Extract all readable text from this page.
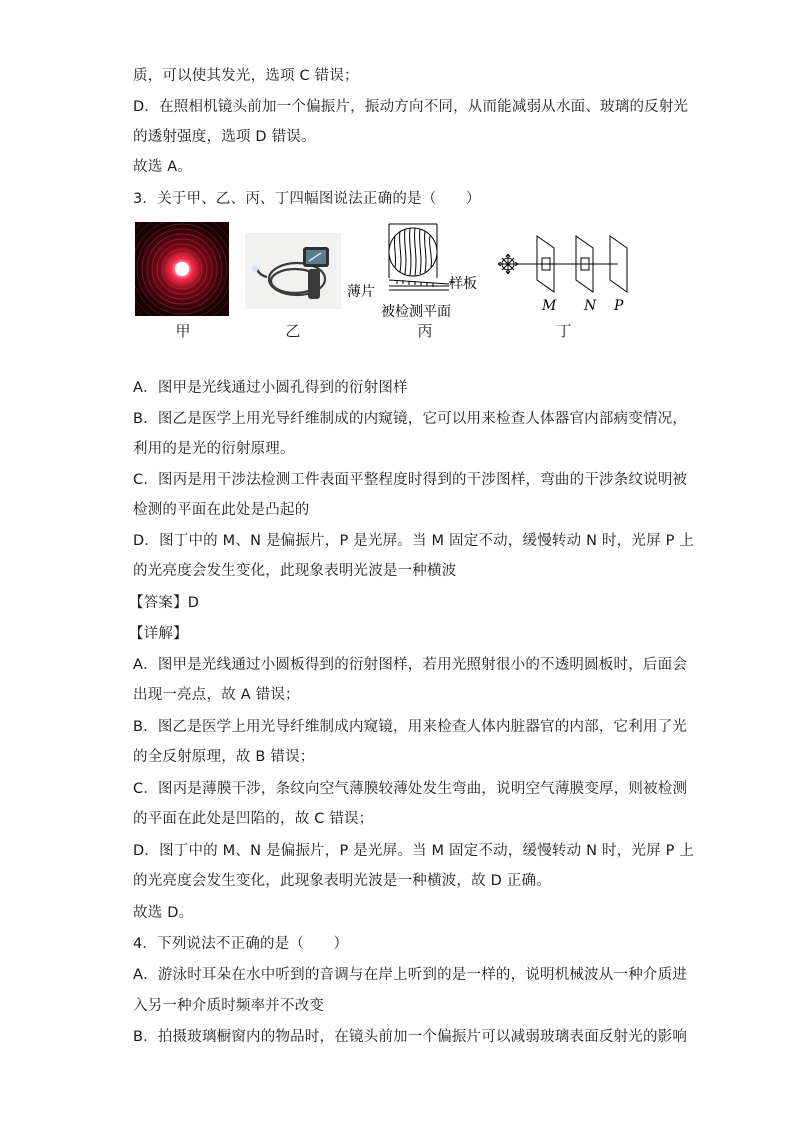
质，可以使其发光，选项 C 错误；
D．在照相机镜头前加一个偏振片，振动方向不同，从而能减弱从水面、玻璃的反射光
的透射强度，选项 D 错误。
故选 A。
3．关于甲、乙、丙、丁四幅图说法正确的是（　　）
薄片	样板
被检测平面	M N P
甲	乙	丙	丁
A．图甲是光线通过小圆孔得到的衍射图样
B．图乙是医学上用光导纤维制成的内窥镜，它可以用来检查人体器官内部病变情况，
利用的是光的衍射原理。
C．图丙是用干涉法检测工件表面平整程度时得到的干涉图样，弯曲的干涉条纹说明被
检测的平面在此处是凸起的
D．图丁中的 M、N 是偏振片，P 是光屏。当 M 固定不动，缓慢转动 N 时，光屏 P 上
的光亮度会发生变化，此现象表明光波是一种横波
【答案】D
【详解】
A．图甲是光线通过小圆板得到的衍射图样，若用光照射很小的不透明圆板时，后面会
出现一亮点，故 A 错误；
B．图乙是医学上用光导纤维制成内窥镜，用来检查人体内脏器官的内部，它利用了光
的全反射原理，故 B 错误；
C．图丙是薄膜干涉，条纹向空气薄膜较薄处发生弯曲，说明空气薄膜变厚，则被检测
的平面在此处是凹陷的，故 C 错误；
D．图丁中的 M、N 是偏振片，P 是光屏。当 M 固定不动，缓慢转动 N 时，光屏 P 上
的光亮度会发生变化，此现象表明光波是一种横波，故 D 正确。
故选 D。
4．下列说法不正确的是（　　）
A．游泳时耳朵在水中听到的音调与在岸上听到的是一样的，说明机械波从一种介质进
入另一种介质时频率并不改变
B．拍摄玻璃橱窗内的物品时，在镜头前加一个偏振片可以减弱玻璃表面反射光的影响
